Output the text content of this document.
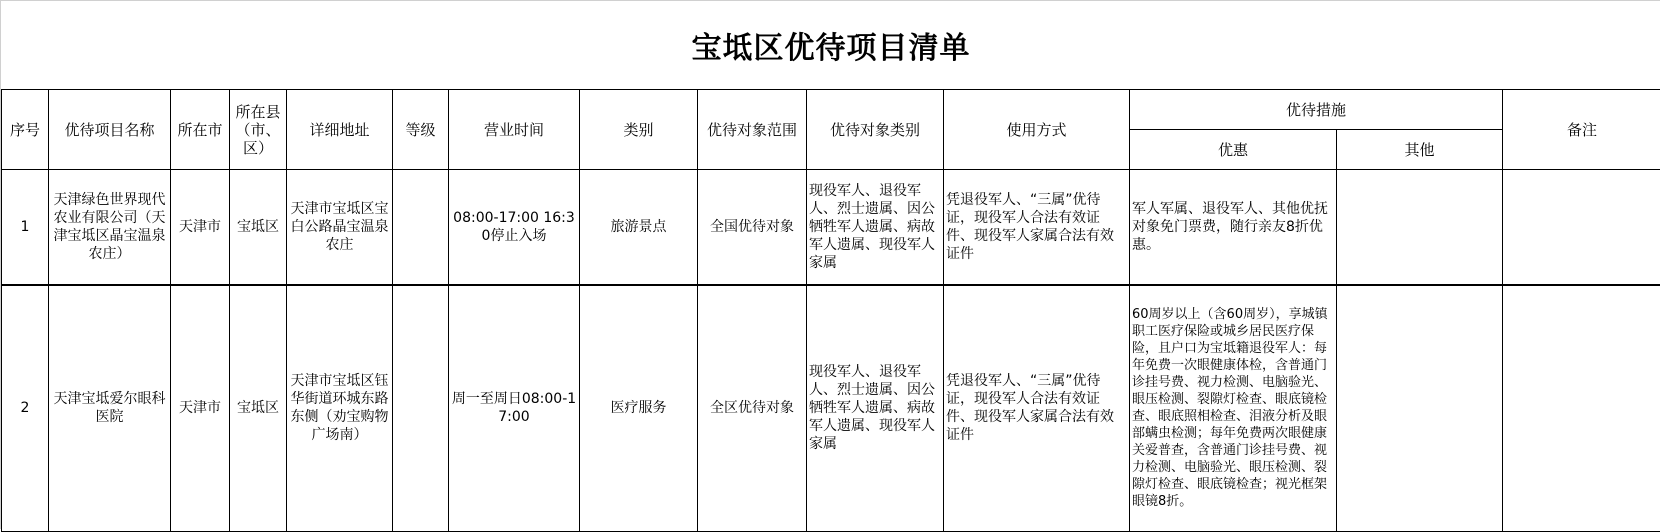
宝坻区优待项目清单
序号	优待项目名称	所在市	所在县（市、区）	详细地址	等级	营业时间	类别	优待对象范围	优待对象类别	使用方式	优待措施		备注
											优惠	其他	
1	天津绿色世界现代农业有限公司（天津宝坻区晶宝温泉农庄）	天津市	宝坻区	天津市宝坻区宝白公路晶宝温泉农庄		08:00-17:00 16:30停止入场	旅游景点	全国优待对象	现役军人、退役军人、烈士遗属、因公牺牲军人遗属、病故军人遗属、现役军人家属	凭退役军人、“三属”优待证，现役军人合法有效证件、现役军人家属合法有效证件	军人军属、退役军人、其他优抚对象免门票费，随行亲友8折优惠。		
2	天津宝坻爱尔眼科医院	天津市	宝坻区	天津市宝坻区钰华街道环城东路东侧（劝宝购物广场南）		周一至周日08:00-17:00	医疗服务	全区优待对象	现役军人、退役军人、烈士遗属、因公牺牲军人遗属、病故军人遗属、现役军人家属	凭退役军人、“三属”优待证，现役军人合法有效证件、现役军人家属合法有效证件	60周岁以上（含60周岁），享城镇职工医疗保险或城乡居民医疗保险，且户口为宝坻籍退役军人：每年免费一次眼健康体检，含普通门诊挂号费、视力检测、电脑验光、眼压检测、裂隙灯检查、眼底镜检查、眼底照相检查、泪液分析及眼部螨虫检测；每年免费两次眼健康关爱普查，含普通门诊挂号费、视力检测、电脑验光、眼压检测、裂隙灯检查、眼底镜检查；视光框架眼镜8折。		
